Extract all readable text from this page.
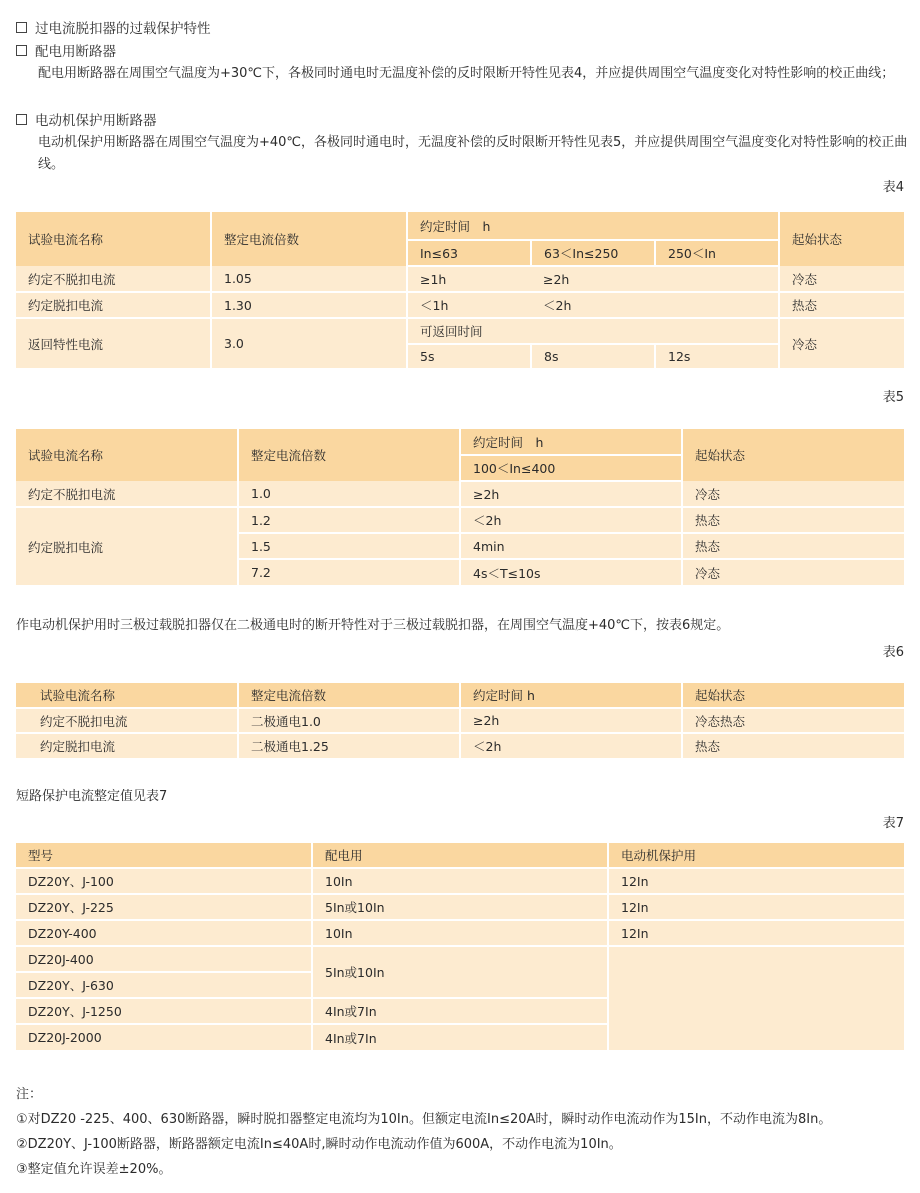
过电流脱扣器的过载保护特性
配电用断路器
配电用断路器在周围空气温度为+30℃下，各极同时通电时无温度补偿的反时限断开特性见表4，并应提供周围空气温度变化对特性影响的校正曲线；
电动机保护用断路器
电动机保护用断路器在周围空气温度为+40℃，各极同时通电时，无温度补偿的反时限断开特性见表5，并应提供周围空气温度变化对特性影响的校正曲线。
表4
试验电流名称	整定电流倍数	约定时间　h			起始状态
		In≤63	63＜In≤250	250＜In	
约定不脱扣电流	1.05	≥1h	≥2h		冷态
约定脱扣电流	1.30	＜1h	＜2h		热态
返回特性电流	3.0	可返回时间			冷态
		5s	8s	12s	
表5
试验电流名称	整定电流倍数	约定时间　h	起始状态
		100＜In≤400	
约定不脱扣电流	1.0	≥2h	冷态
约定脱扣电流	1.2	＜2h	热态
	1.5	4min	热态
	7.2	4s＜T≤10s	冷态
作电动机保护用时三极过载脱扣器仅在二极通电时的断开特性对于三极过载脱扣器，在周围空气温度+40℃下，按表6规定。
表6
试验电流名称	整定电流倍数	约定时间 h	起始状态
约定不脱扣电流	二极通电1.0	≥2h	冷态热态
约定脱扣电流	二极通电1.25	＜2h	热态
短路保护电流整定值见表7
表7
型号	配电用	电动机保护用
DZ20Y、J-100	10In	12In
DZ20Y、J-225	5In或10In	12In
DZ20Y-400	10In	12In
DZ20J-400	5In或10In	
DZ20Y、J-630		
DZ20Y、J-1250	4In或7In	
DZ20J-2000	4In或7In	
注：
①对DZ20 -225、400、630断路器，瞬时脱扣器整定电流均为10In。但额定电流In≤20A时，瞬时动作电流动作为15In，不动作电流为8In。
②DZ20Y、J-100断路器，断路器额定电流In≤40A时,瞬时动作电流动作值为600A，不动作电流为10In。
③整定值允许误差±20%。
